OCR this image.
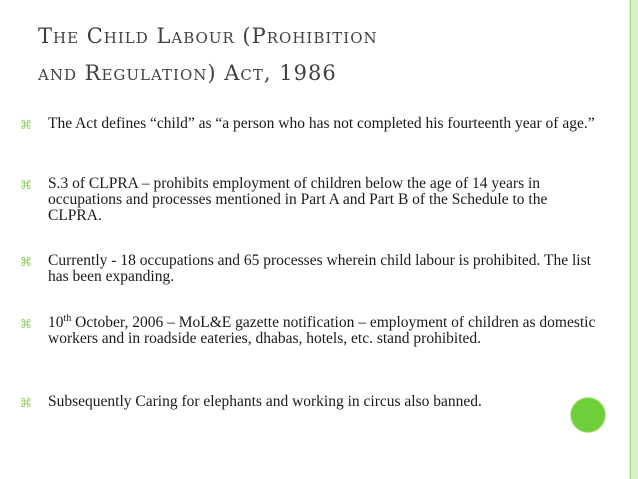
The Child Labour (Prohibition
and Regulation) Act, 1986
⌘ The Act defines “child” as “a person who has not completed his fourteenth year of age.”
⌘ S.3 of CLPRA – prohibits employment of children below the age of 14 years in occupations and processes mentioned in Part A and Part B of the Schedule to the CLPRA.
⌘ Currently - 18 occupations and 65 processes wherein child labour is prohibited. The list has been expanding.
⌘ 10th October, 2006 – MoL&E gazette notification – employment of children as domestic workers and in roadside eateries, dhabas, hotels, etc. stand prohibited.
⌘ Subsequently Caring for elephants and working in circus also banned.
